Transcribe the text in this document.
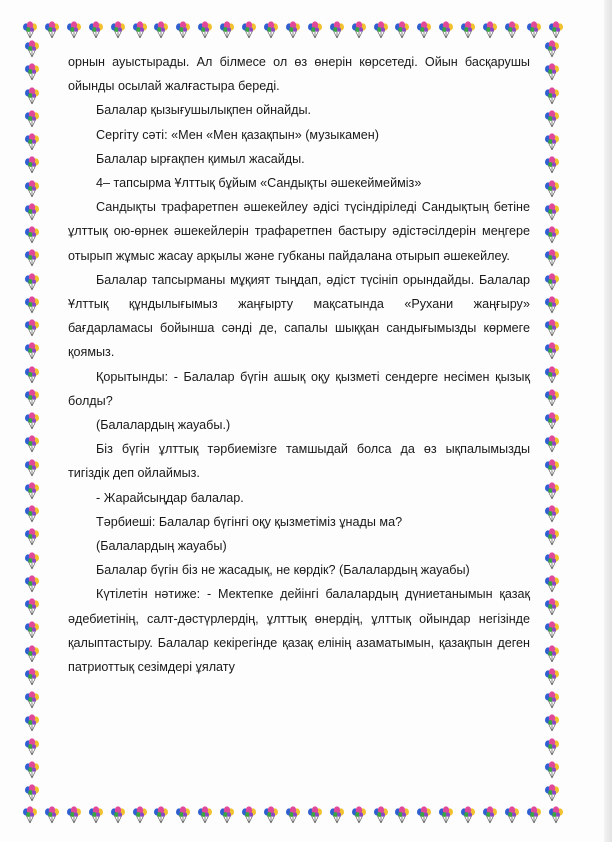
орнын ауыстырады. Ал білмесе ол өз өнерін көрсетеді. Ойын басқарушы ойынды осылай жалғастыра береді.

Балалар қызығушылықпен ойнайды.

Сергіту сәті: «Мен «Мен қазақпын» (музыкамен)

Балалар ырғақпен қимыл жасайды.

4– тапсырма Ұлттық бұйым «Сандықты әшекеймейміз»

Сандықты трафаретпен әшекейлеу әдісі түсіндіріледі Сандықтың бетіне ұлттық ою-өрнек әшекейлерін трафаретпен бастыру әдістәсілдерін меңгере отырып жұмыс жасау арқылы және губканы пайдалана отырып әшекейлеу.

Балалар тапсырманы мұқият тыңдап, әдіст түсініп орындайды. Балалар Ұлттық құндылығымыз жаңғырту мақсатында «Рухани жаңғыру» бағдарламасы бойынша сәнді де, сапалы шыққан сандығымызды көрмеге қоямыз.

Қорытынды: - Балалар бүгін ашық оқу қызметі сендерге несімен қызық болды?

(Балалардың жауабы.)

Біз бүгін ұлттық тәрбиемізге тамшыдай болса да өз ықпалымызды тигіздік деп ойлаймыз.

- Жарайсыңдар балалар.

Тәрбиеші: Балалар бүгінгі оқу қызметіміз ұнады ма?

(Балалардың жауабы)

Балалар бүгін біз не жасадық, не көрдік? (Балалардың жауабы)

Күтілетін нәтиже: - Мектепке дейінгі балалардың дүниетанымын қазақ әдебиетінің, салт-дәстүрлердің, ұлттық өнердің, ұлттық ойындар негізінде қалыптастыру. Балалар кекірегінде қазақ елінің азаматымын, қазақпын деген патриоттық сезімдері ұялату
